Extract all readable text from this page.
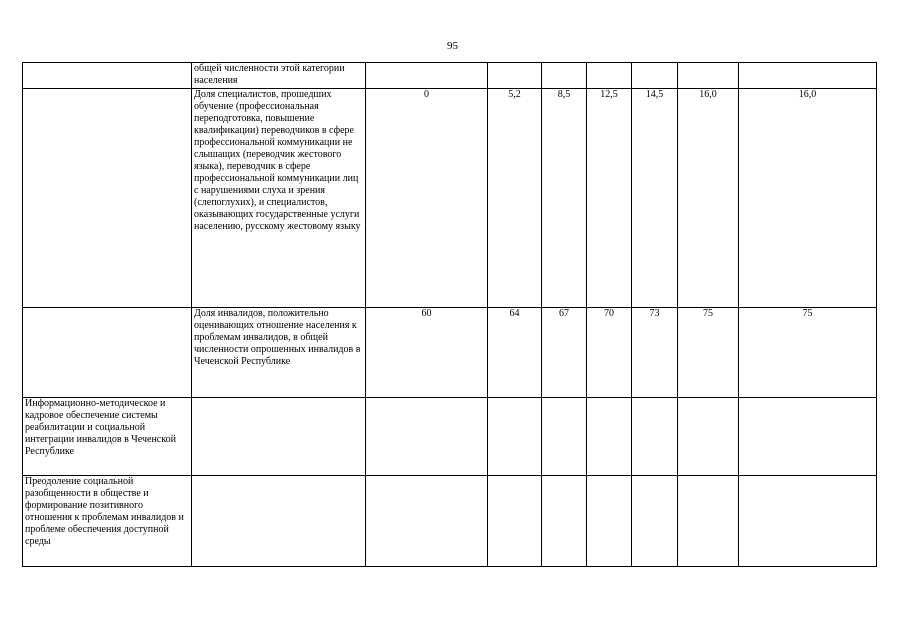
95
	общей численности этой категории населения							
	Доля специалистов, прошедших обучение (профессиональная переподготовка, повышение квалификации) переводчиков в сфере профессиональной коммуникации не слышащих (переводчик жестового языка), переводчик в сфере профессиональной коммуникации лиц с нарушениями слуха и зрения (слепоглухих), и специалистов, оказывающих государственные услуги населению, русскому жестовому языку	0	5,2	8,5	12,5	14,5	16,0	16,0
	Доля инвалидов, положительно оценивающих отношение населения к проблемам инвалидов, в общей численности опрошенных инвалидов в Чеченской Республике	60	64	67	70	73	75	75
Информационно-методическое и кадровое обеспечение системы реабилитации и социальной интеграции инвалидов в Чеченской Республике								
Преодоление социальной разобщенности в обществе и формирование позитивного отношения к проблемам инвалидов и проблеме обеспечения доступной среды								
